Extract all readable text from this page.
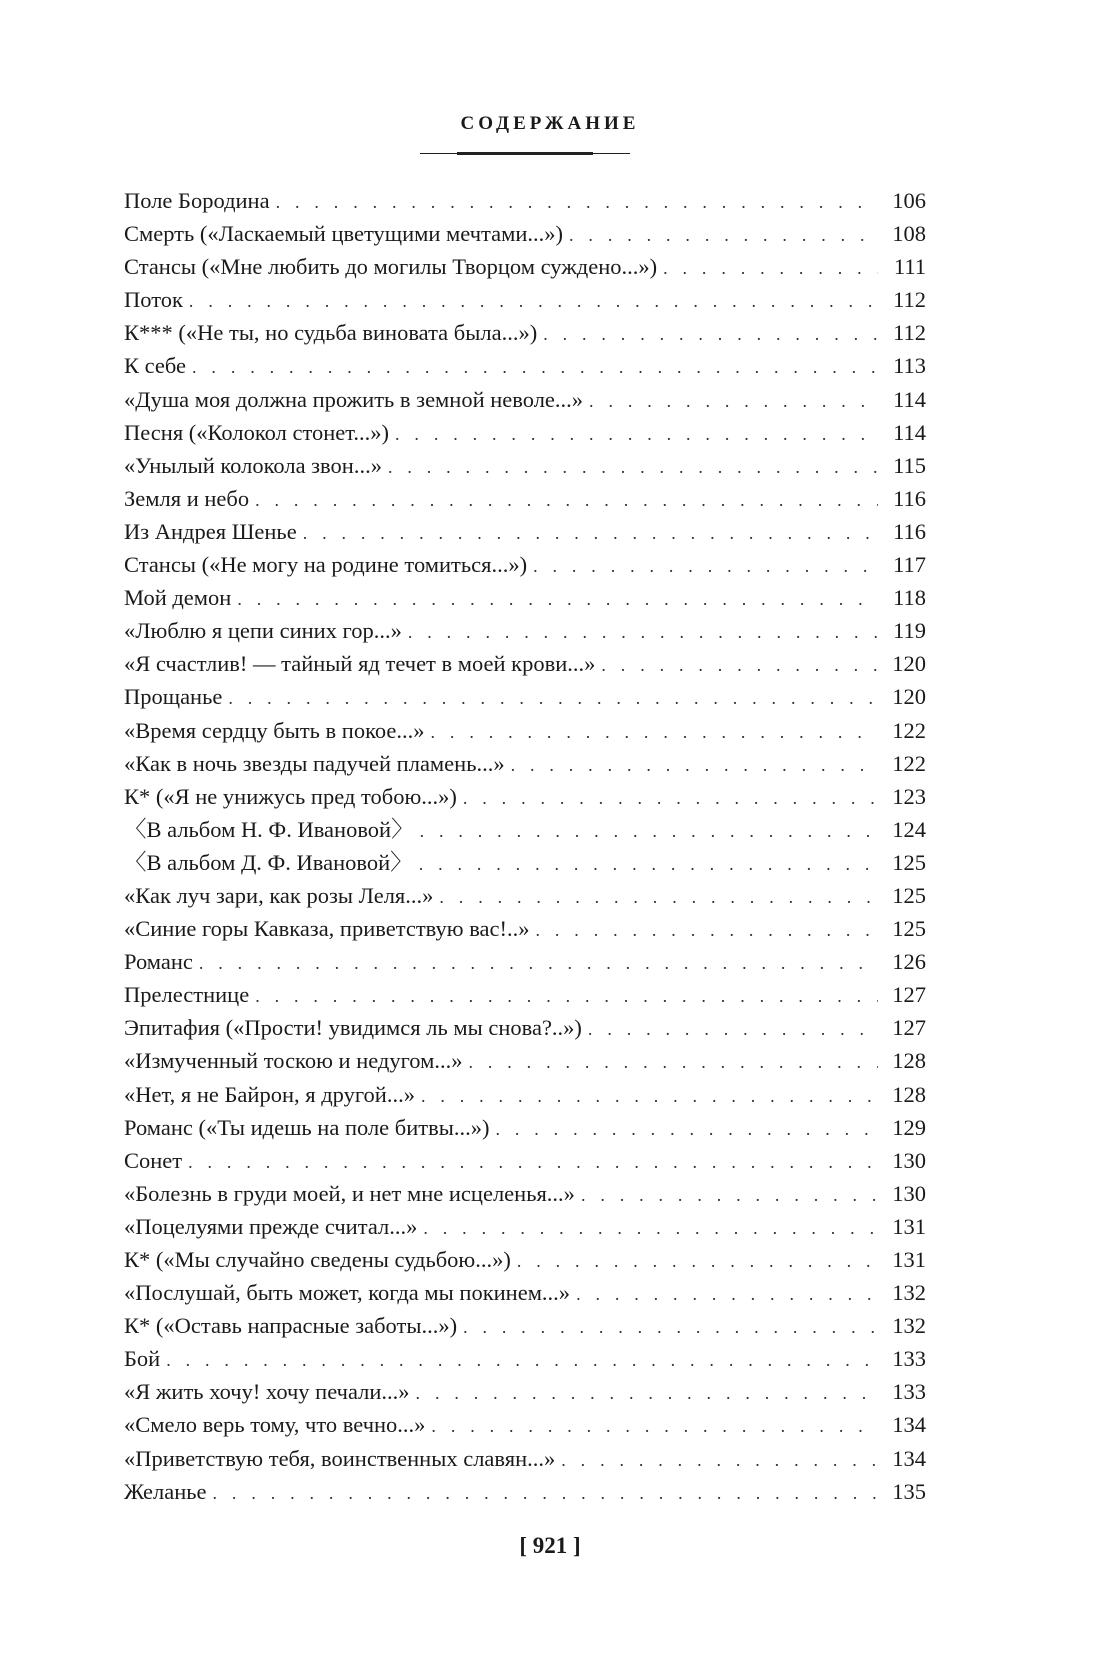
СОДЕРЖАНИЕ
Поле Бородина . . .	106
Смерть («Ласкаемый цветущими мечтами...») . . .	108
Стансы («Мне любить до могилы Творцом суждено...») . . .	111
Поток . . .	112
К*** («Не ты, но судьба виновата была...») . . .	112
К себе . . .	113
«Душа моя должна прожить в земной неволе...» . . .	114
Песня («Колокол стонет...») . . .	114
«Унылый колокола звон...» . . .	115
Земля и небо . . .	116
Из Андрея Шенье . . .	116
Стансы («Не могу на родине томиться...») . . .	117
Мой демон . . .	118
«Люблю я цепи синих гор...» . . .	119
«Я счастлив! — тайный яд течет в моей крови...» . . .	120
Прощанье . . .	120
«Время сердцу быть в покое...» . . .	122
«Как в ночь звезды падучей пламень...» . . .	122
К* («Я не унижусь пред тобою...») . . .	123
〈В альбом Н. Ф. Ивановой〉 . . .	124
〈В альбом Д. Ф. Ивановой〉 . . .	125
«Как луч зари, как розы Леля...» . . .	125
«Синие горы Кавказа, приветствую вас!..» . . .	125
Романс . . .	126
Прелестнице . . .	127
Эпитафия («Прости! увидимся ль мы снова?..») . . .	127
«Измученный тоскою и недугом...» . . .	128
«Нет, я не Байрон, я другой...» . . .	128
Романс («Ты идешь на поле битвы...») . . .	129
Сонет . . .	130
«Болезнь в груди моей, и нет мне исцеленья...» . . .	130
«Поцелуями прежде считал...» . . .	131
К* («Мы случайно сведены судьбою...») . . .	131
«Послушай, быть может, когда мы покинем...» . . .	132
К* («Оставь напрасные заботы...») . . .	132
Бой . . .	133
«Я жить хочу! хочу печали...» . . .	133
«Смело верь тому, что вечно...» . . .	134
«Приветствую тебя, воинственных славян...» . . .	134
Желанье . . .	135
[ 921 ]
